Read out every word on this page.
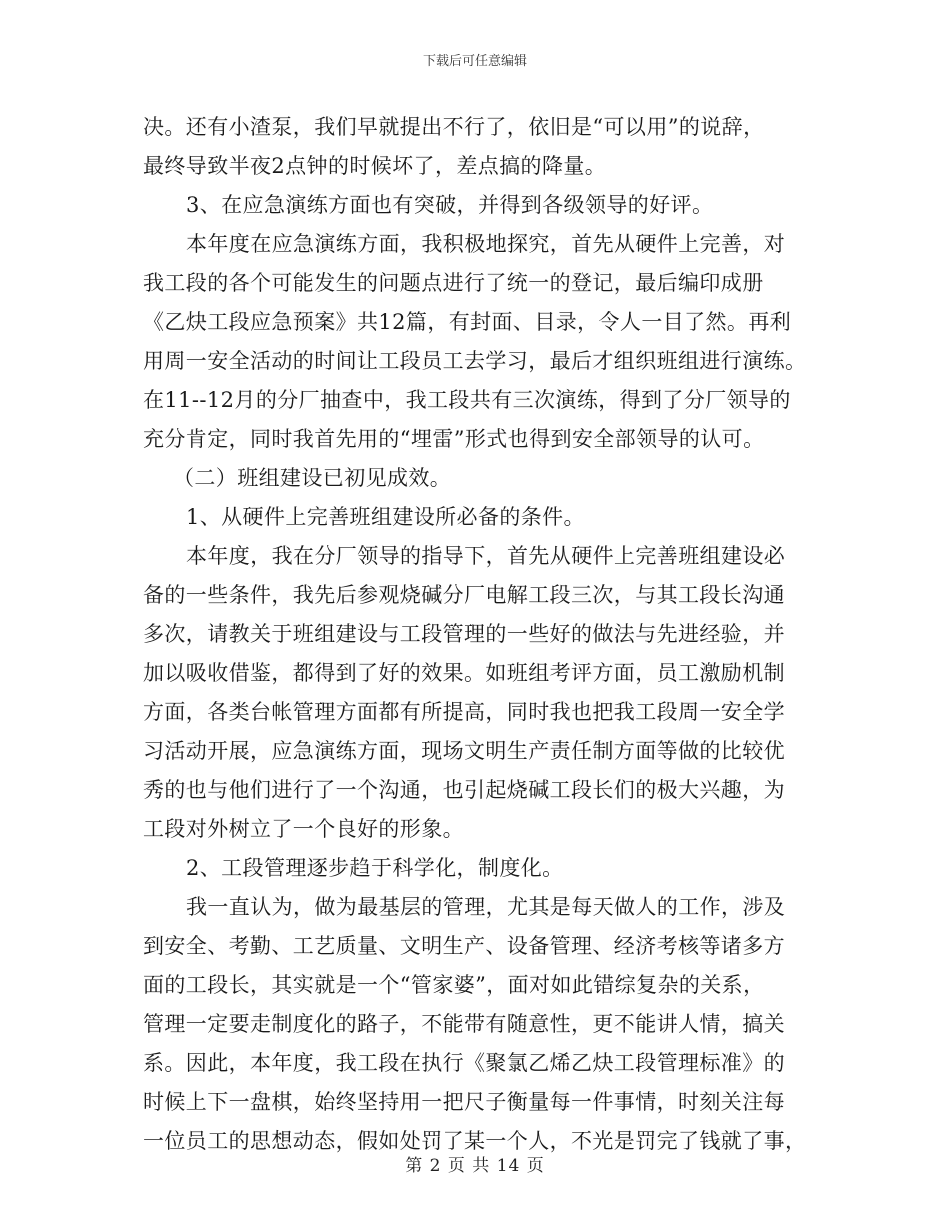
下载后可任意编辑
决。还有小渣泵，我们早就提出不行了，依旧是“可以用”的说辞，
最终导致半夜2点钟的时候坏了，差点搞的降量。
3、在应急演练方面也有突破，并得到各级领导的好评。
本年度在应急演练方面，我积极地探究，首先从硬件上完善，对
我工段的各个可能发生的问题点进行了统一的登记，最后编印成册
《乙炔工段应急预案》共12篇，有封面、目录，令人一目了然。再利
用周一安全活动的时间让工段员工去学习，最后才组织班组进行演练。
在11--12月的分厂抽查中，我工段共有三次演练，得到了分厂领导的
充分肯定，同时我首先用的“埋雷”形式也得到安全部领导的认可。
（二）班组建设已初见成效。
1、从硬件上完善班组建设所必备的条件。
本年度，我在分厂领导的指导下，首先从硬件上完善班组建设必
备的一些条件，我先后参观烧碱分厂电解工段三次，与其工段长沟通
多次，请教关于班组建设与工段管理的一些好的做法与先进经验，并
加以吸收借鉴，都得到了好的效果。如班组考评方面，员工激励机制
方面，各类台帐管理方面都有所提高，同时我也把我工段周一安全学
习活动开展，应急演练方面，现场文明生产责任制方面等做的比较优
秀的也与他们进行了一个沟通，也引起烧碱工段长们的极大兴趣，为
工段对外树立了一个良好的形象。
2、工段管理逐步趋于科学化，制度化。
我一直认为，做为最基层的管理，尤其是每天做人的工作，涉及
到安全、考勤、工艺质量、文明生产、设备管理、经济考核等诸多方
面的工段长，其实就是一个“管家婆”，面对如此错综复杂的关系，
管理一定要走制度化的路子，不能带有随意性，更不能讲人情，搞关
系。因此，本年度，我工段在执行《聚氯乙烯乙炔工段管理标准》的
时候上下一盘棋，始终坚持用一把尺子衡量每一件事情，时刻关注每
一位员工的思想动态，假如处罚了某一个人，不光是罚完了钱就了事，
第 2 页 共 14 页
